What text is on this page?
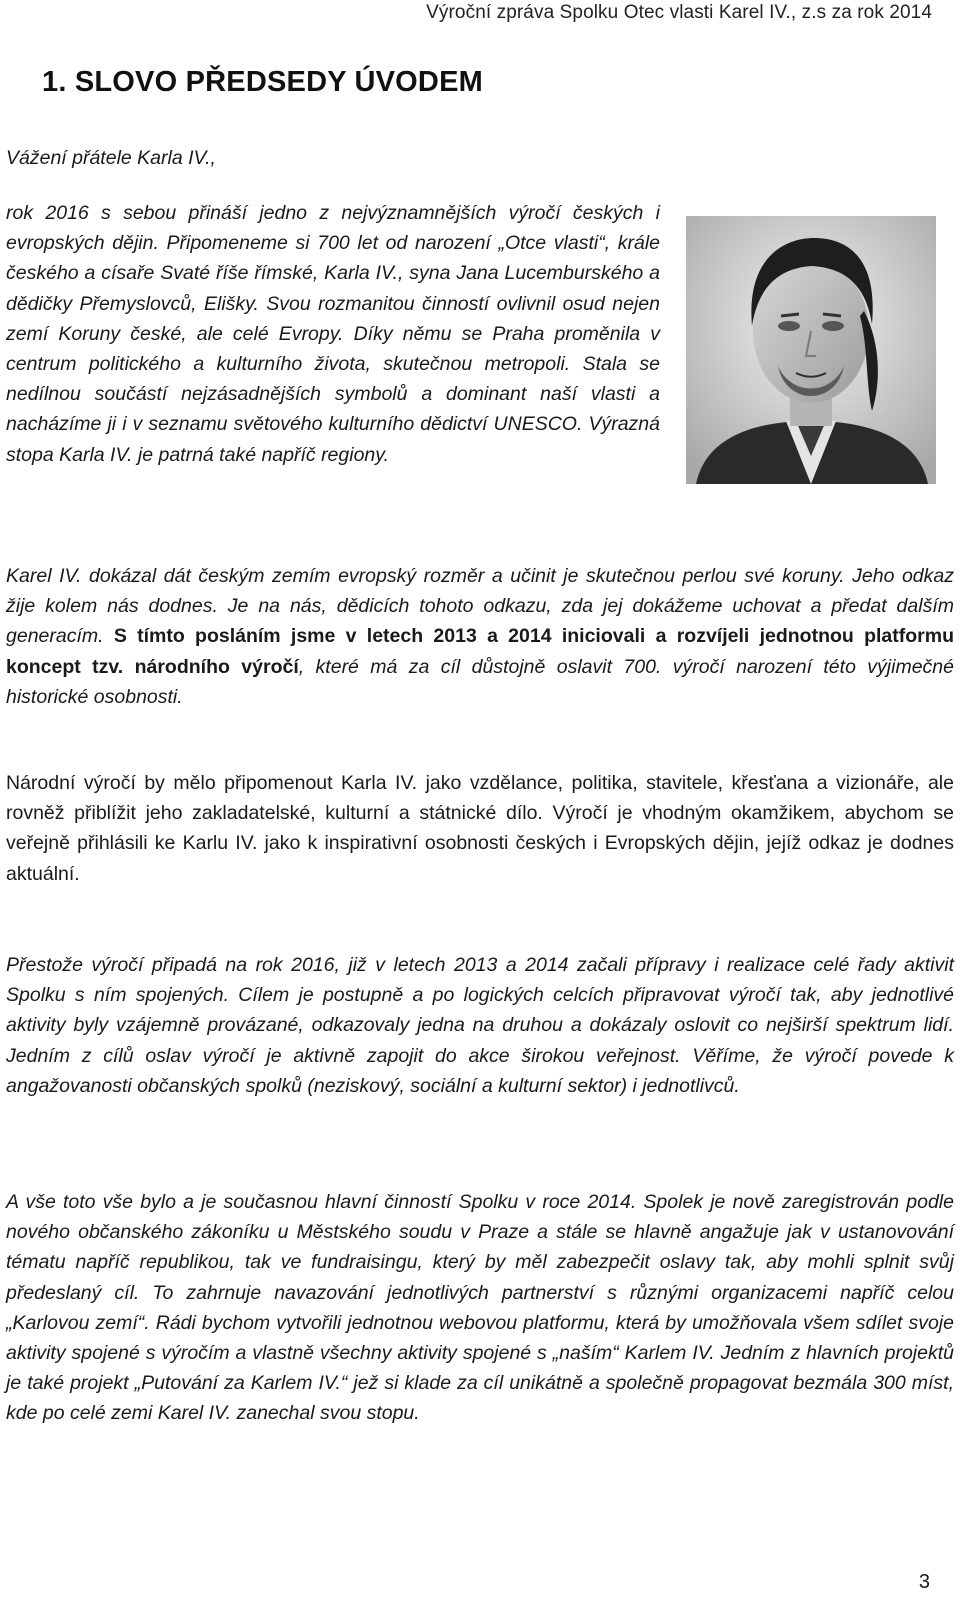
Výroční zpráva Spolku Otec vlasti Karel IV., z.s za rok 2014
1. SLOVO PŘEDSEDY ÚVODEM

Vážení přátele Karla IV.,

rok 2016 s sebou přináší jedno z nejvýznamnějších výročí českých i evropských dějin. Připomeneme si 700 let od narození „Otce vlasti“, krále českého a císaře Svaté říše římské, Karla IV., syna Jana Lucemburského a dědičky Přemyslovců, Elišky. Svou rozmanitou činností ovlivnil osud nejen zemí Koruny české, ale celé Evropy. Díky němu se Praha proměnila v centrum politického a kulturního života, skutečnou metropoli. Stala se nedílnou součástí nejzásadnějších symbolů a dominant naší vlasti a nacházíme ji i v seznamu světového kulturního dědictví UNESCO. Výrazná stopa Karla IV. je patrná také napříč regiony.

Karel IV. dokázal dát českým zemím evropský rozměr a učinit je skutečnou perlou své koruny. Jeho odkaz žije kolem nás dodnes. Je na nás, dědicích tohoto odkazu, zda jej dokážeme uchovat a předat dalším generacím. S tímto posláním jsme v letech 2013 a 2014 iniciovali a rozvíjeli jednotnou platformu koncept tzv. národního výročí, které má za cíl důstojně oslavit 700. výročí narození této výjimečné historické osobnosti.

Národní výročí by mělo připomenout Karla IV. jako vzdělance, politika, stavitele, křesťana a vizionáře, ale rovněž přiblížit jeho zakladatelské, kulturní a státnické dílo. Výročí je vhodným okamžikem, abychom se veřejně přihlásili ke Karlu IV. jako k inspirativní osobnosti českých i Evropských dějin, jejíž odkaz je dodnes aktuální.

Přestože výročí připadá na rok 2016, již v letech 2013 a 2014 začali přípravy i realizace celé řady aktivit Spolku s ním spojených. Cílem je postupně a po logických celcích připravovat výročí tak, aby jednotlivé aktivity byly vzájemně provázané, odkazovaly jedna na druhou a dokázaly oslovit co nejširší spektrum lidí. Jedním z cílů oslav výročí je aktivně zapojit do akce širokou veřejnost. Věříme, že výročí povede k angažovanosti občanských spolků (neziskový, sociální a kulturní sektor) i jednotlivců.

A vše toto vše bylo a je současnou hlavní činností Spolku v roce 2014. Spolek je nově zaregistrován podle nového občanského zákoníku u Městského soudu v Praze a stále se hlavně angažuje jak v ustanovování tématu napříč republikou, tak ve fundraisingu, který by měl zabezpečit oslavy tak, aby mohli splnit svůj předeslaný cíl. To zahrnuje navazování jednotlivých partnerství s různými organizacemi napříč celou „Karlovou zemí“. Rádi bychom vytvořili jednotnou webovou platformu, která by umožňovala všem sdílet svoje aktivity spojené s výročím a vlastně všechny aktivity spojené s „naším“ Karlem IV. Jedním z hlavních projektů je také projekt „Putování za Karlem IV.“ jež si klade za cíl unikátně a společně propagovat bezmála 300 míst, kde po celé zemi Karel IV. zanechal svou stopu.

3
